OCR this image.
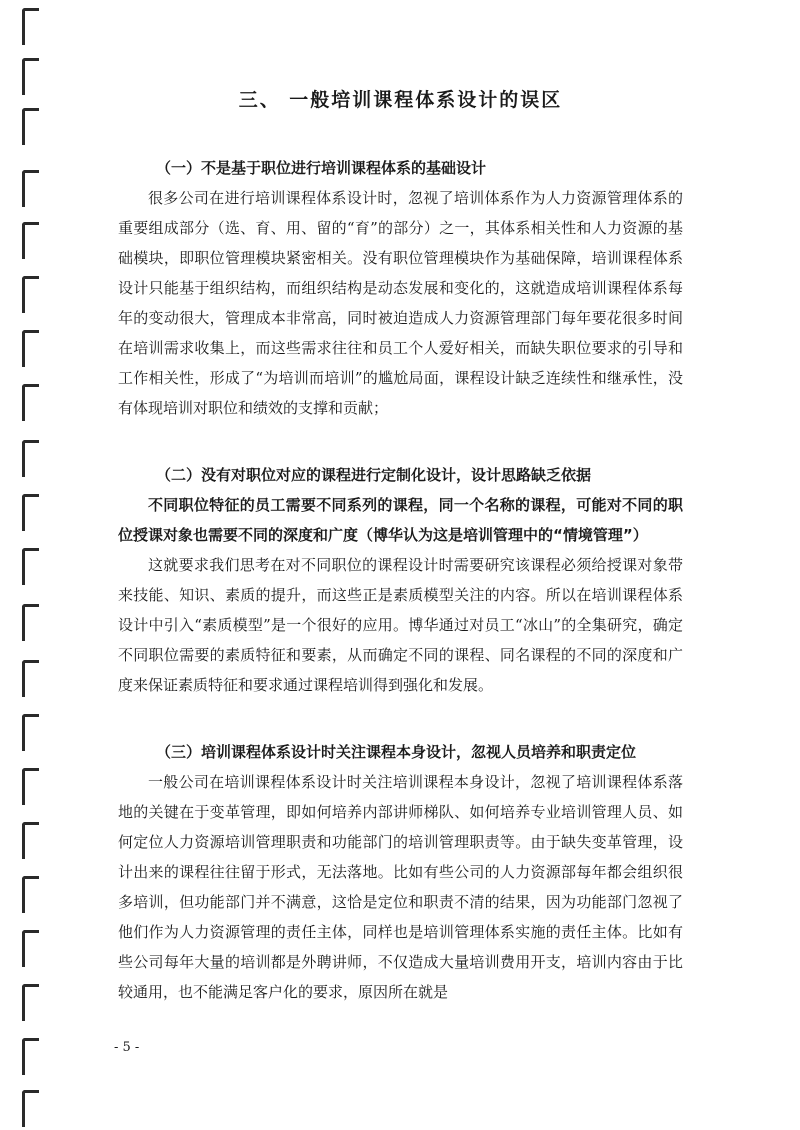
三、 一般培训课程体系设计的误区
（一）不是基于职位进行培训课程体系的基础设计

很多公司在进行培训课程体系设计时，忽视了培训体系作为人力资源管理体系的重要组成部分（选、育、用、留的“育”的部分）之一，其体系相关性和人力资源的基础模块，即职位管理模块紧密相关。没有职位管理模块作为基础保障，培训课程体系设计只能基于组织结构，而组织结构是动态发展和变化的，这就造成培训课程体系每年的变动很大，管理成本非常高，同时被迫造成人力资源管理部门每年要花很多时间在培训需求收集上，而这些需求往往和员工个人爱好相关，而缺失职位要求的引导和工作相关性，形成了“为培训而培训”的尴尬局面，课程设计缺乏连续性和继承性，没有体现培训对职位和绩效的支撑和贡献；

（二）没有对职位对应的课程进行定制化设计，设计思路缺乏依据

不同职位特征的员工需要不同系列的课程，同一个名称的课程，可能对不同的职位授课对象也需要不同的深度和广度（博华认为这是培训管理中的“情境管理”）

这就要求我们思考在对不同职位的课程设计时需要研究该课程必须给授课对象带来技能、知识、素质的提升，而这些正是素质模型关注的内容。所以在培训课程体系设计中引入“素质模型”是一个很好的应用。博华通过对员工“冰山”的全集研究，确定不同职位需要的素质特征和要素，从而确定不同的课程、同名课程的不同的深度和广度来保证素质特征和要求通过课程培训得到强化和发展。

（三）培训课程体系设计时关注课程本身设计，忽视人员培养和职责定位

一般公司在培训课程体系设计时关注培训课程本身设计，忽视了培训课程体系落地的关键在于变革管理，即如何培养内部讲师梯队、如何培养专业培训管理人员、如何定位人力资源培训管理职责和功能部门的培训管理职责等。由于缺失变革管理，设计出来的课程往往留于形式，无法落地。比如有些公司的人力资源部每年都会组织很多培训，但功能部门并不满意，这恰是定位和职责不清的结果，因为功能部门忽视了他们作为人力资源管理的责任主体，同样也是培训管理体系实施的责任主体。比如有些公司每年大量的培训都是外聘讲师，不仅造成大量培训费用开支，培训内容由于比较通用，也不能满足客户化的要求，原因所在就是

- 5 -
